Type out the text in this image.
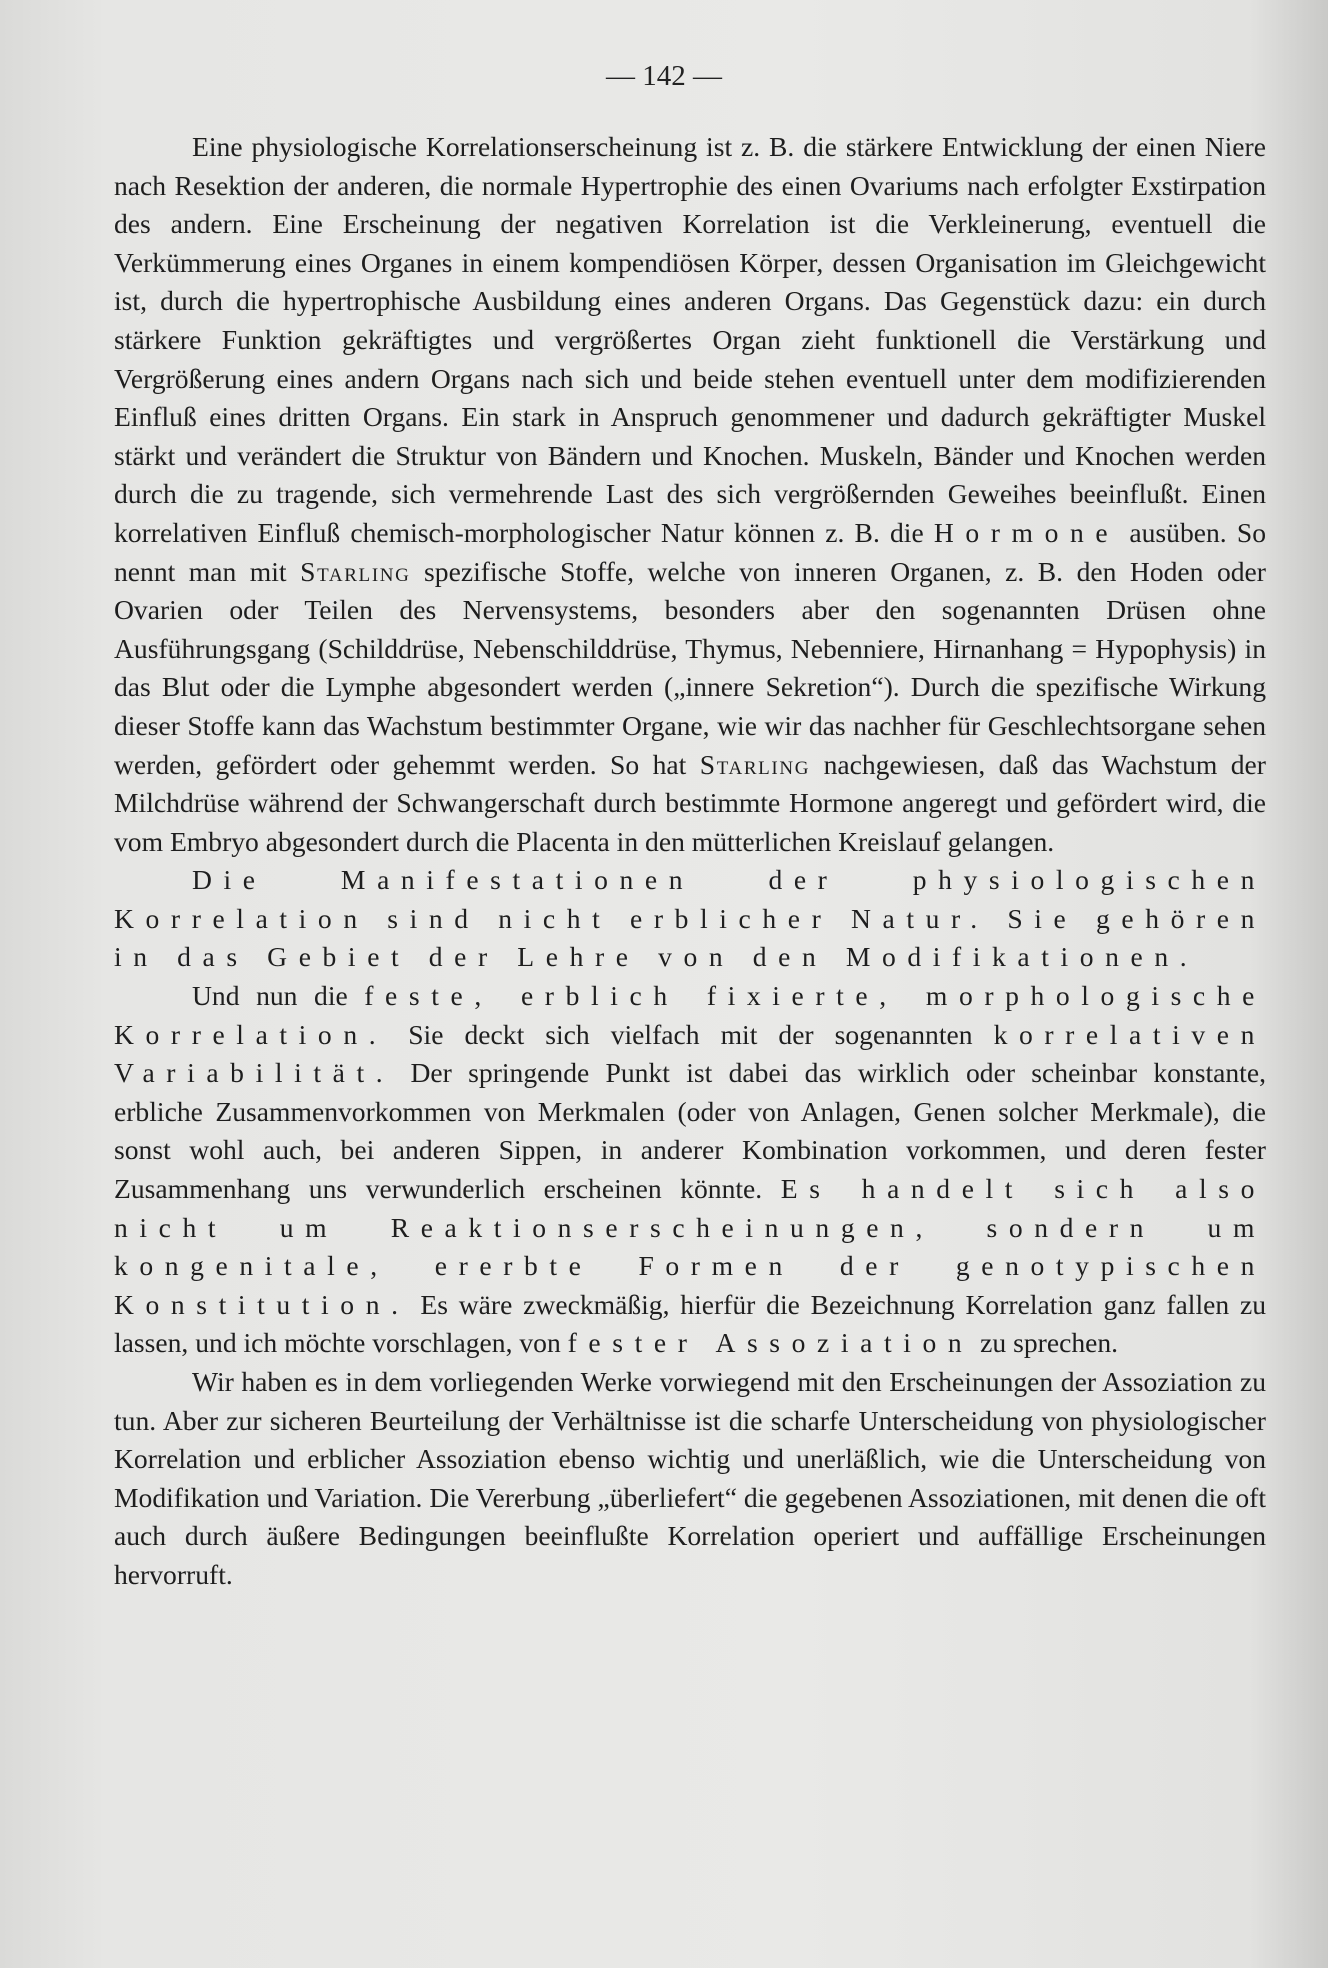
— 142 —

Eine physiologische Korrelationserscheinung ist z. B. die stärkere Entwicklung der einen Niere nach Resektion der anderen, die normale Hypertrophie des einen Ovariums nach erfolgter Exstirpation des andern. Eine Erscheinung der negativen Korrelation ist die Verkleinerung, eventuell die Verkümmerung eines Organes in einem kompendiösen Körper, dessen Organisation im Gleichgewicht ist, durch die hypertrophische Ausbildung eines anderen Organs. Das Gegenstück dazu: ein durch stärkere Funktion gekräftigtes und vergrößertes Organ zieht funktionell die Verstärkung und Vergrößerung eines andern Organs nach sich und beide stehen eventuell unter dem modifizierenden Einfluß eines dritten Organs. Ein stark in Anspruch genommener und dadurch gekräftigter Muskel stärkt und verändert die Struktur von Bändern und Knochen. Muskeln, Bänder und Knochen werden durch die zu tragende, sich vermehrende Last des sich vergrößernden Geweihes beeinflußt. Einen korrelativen Einfluß chemisch-morphologischer Natur können z. B. die Hormone ausüben. So nennt man mit Starling spezifische Stoffe, welche von inneren Organen, z. B. den Hoden oder Ovarien oder Teilen des Nervensystems, besonders aber den sogenannten Drüsen ohne Ausführungsgang (Schilddrüse, Nebenschilddrüse, Thymus, Nebenniere, Hirnanhang = Hypophysis) in das Blut oder die Lymphe abgesondert werden („innere Sekretion“). Durch die spezifische Wirkung dieser Stoffe kann das Wachstum bestimmter Organe, wie wir das nachher für Geschlechtsorgane sehen werden, gefördert oder gehemmt werden. So hat Starling nachgewiesen, daß das Wachstum der Milchdrüse während der Schwangerschaft durch bestimmte Hormone angeregt und gefördert wird, die vom Embryo abgesondert durch die Placenta in den mütterlichen Kreislauf gelangen.

Die Manifestationen der physiologischen Korrelation sind nicht erblicher Natur. Sie gehören in das Gebiet der Lehre von den Modifikationen.

Und nun die feste, erblich fixierte, morphologische Korrelation. Sie deckt sich vielfach mit der sogenannten korrelativen Variabilität. Der springende Punkt ist dabei das wirklich oder scheinbar konstante, erbliche Zusammenvorkommen von Merkmalen (oder von Anlagen, Genen solcher Merkmale), die sonst wohl auch, bei anderen Sippen, in anderer Kombination vorkommen, und deren fester Zusammenhang uns verwunderlich erscheinen könnte. Es handelt sich also nicht um Reaktionserscheinungen, sondern um kongenitale, ererbte Formen der genotypischen Konstitution. Es wäre zweckmäßig, hierfür die Bezeichnung Korrelation ganz fallen zu lassen, und ich möchte vorschlagen, von fester Assoziation zu sprechen.

Wir haben es in dem vorliegenden Werke vorwiegend mit den Erscheinungen der Assoziation zu tun. Aber zur sicheren Beurteilung der Verhältnisse ist die scharfe Unterscheidung von physiologischer Korrelation und erblicher Assoziation ebenso wichtig und unerläßlich, wie die Unterscheidung von Modifikation und Variation. Die Vererbung „überliefert“ die gegebenen Assoziationen, mit denen die oft auch durch äußere Bedingungen beeinflußte Korrelation operiert und auffällige Erscheinungen hervorruft.
